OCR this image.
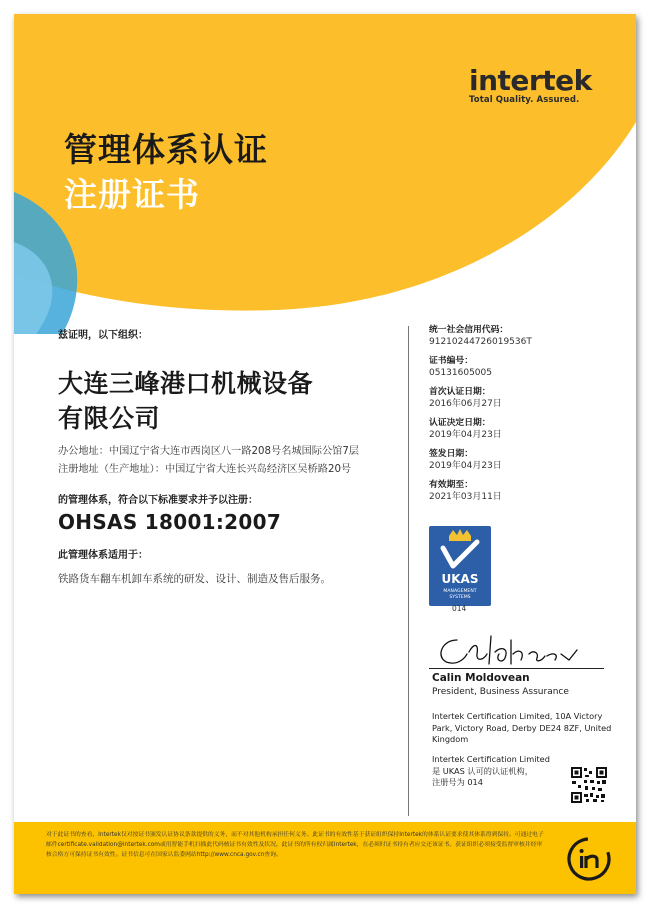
intertek
Total Quality. Assured.
管理体系认证
注册证书
兹证明，以下组织：
大连三峰港口机械设备
有限公司
办公地址：中国辽宁省大连市西岗区八一路208号名城国际公馆7层
注册地址（生产地址）：中国辽宁省大连长兴岛经济区吴桥路20号
的管理体系，符合以下标准要求并予以注册：
OHSAS 18001:2007
此管理体系适用于：
铁路货车翻车机卸车系统的研发、设计、制造及售后服务。
统一社会信用代码：
91210244726019536T
证书编号：
05131605005
首次认证日期：
2016年06月27日
认证决定日期：
2019年04月23日
签发日期：
2019年04月23日
有效期至：
2021年03月11日
UKAS
MANAGEMENT
SYSTEMS
014
Calin Moldovean
President, Business Assurance
Intertek Certification Limited, 10A Victory Park, Victory Road, Derby DE24 8ZF, United Kingdom
Intertek Certification Limited
是 UKAS 认可的认证机构，
注册号为 014
对于此证书的查看，Intertek仅对按证书颁发认证协议条款提供的义务，而不对其他机构承担任何义务。此证书的有效性基于获证组织保持Intertek的体系认证要求使其体系得到保持。可通过电子邮件certificate.validation@intertek.com或用智能手机扫描此代码核证书有效性及状况。此证书的所有权归属Intertek，在必须时证书持有者应交还该证书。获证组织必须接受监督审核并经审核合格方可保持证书有效性。证书信息可在国家认监委网站http://www.cnca.gov.cn查询。
